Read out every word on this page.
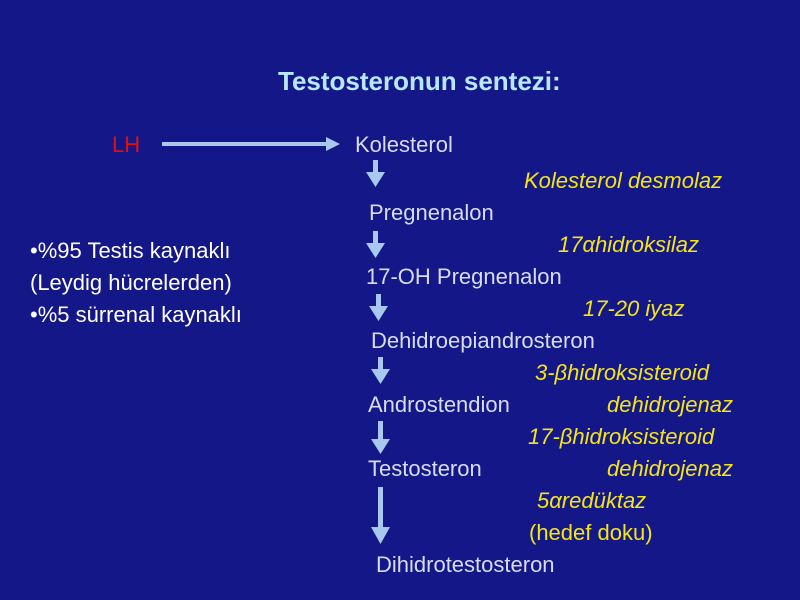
Testosteronun sentezi:
LH	Kolesterol
Pregnenalon
17-OH Pregnenalon
Dehidroepiandrosteron
Androstendion
Testosteron
Dihidrotestosteron
Kolesterol desmolaz
17αhidroksilaz
17-20 iyaz
3-βhidroksisteroid
dehidrojenaz
17-βhidroksisteroid
dehidrojenaz
5αredüktaz
(hedef doku)
•%95 Testis kaynaklı
(Leydig hücrelerden)
•%5 sürrenal kaynaklı
